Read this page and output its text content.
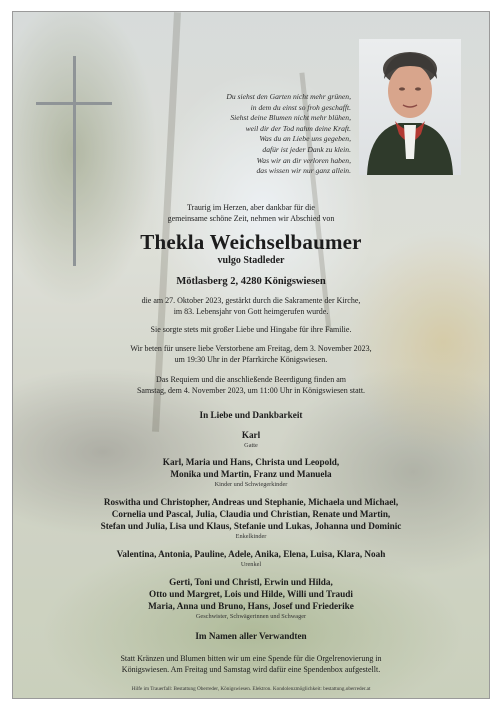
Du siehst den Garten nicht mehr grünen,
in dem du einst so froh geschafft.
Siehst deine Blumen nicht mehr blühen,
weil dir der Tod nahm deine Kraft.
Was du an Liebe uns gegeben,
dafür ist jeder Dank zu klein.
Was wir an dir verloren haben,
das wissen wir nur ganz allein.
Traurig im Herzen, aber dankbar für die
gemeinsame schöne Zeit, nehmen wir Abschied von
Thekla Weichselbaumer
vulgo Stadleder
Mötlasberg 2, 4280 Königswiesen
die am 27. Oktober 2023, gestärkt durch die Sakramente der Kirche,
im 83. Lebensjahr von Gott heimgerufen wurde.
Sie sorgte stets mit großer Liebe und Hingabe für ihre Familie.
Wir beten für unsere liebe Verstorbene am Freitag, dem 3. November 2023,
um 19:30 Uhr in der Pfarrkirche Königswiesen.
Das Requiem und die anschließende Beerdigung finden am
Samstag, dem 4. November 2023, um 11:00 Uhr in Königswiesen statt.
In Liebe und Dankbarkeit
Karl
Gatte
Karl, Maria und Hans, Christa und Leopold,
Monika und Martin, Franz und Manuela
Kinder und Schwiegerkinder
Roswitha und Christopher, Andreas und Stephanie, Michaela und Michael,
Cornelia und Pascal, Julia, Claudia und Christian, Renate und Martin,
Stefan und Julia, Lisa und Klaus, Stefanie und Lukas, Johanna und Dominic
Enkelkinder
Valentina, Antonia, Pauline, Adele, Anika, Elena, Luisa, Klara, Noah
Urenkel
Gerti, Toni und Christl, Erwin und Hilda,
Otto und Margret, Lois und Hilde, Willi und Traudi
Maria, Anna und Bruno, Hans, Josef und Friederike
Geschwister, Schwägerinnen und Schwager
Im Namen aller Verwandten
Statt Kränzen und Blumen bitten wir um eine Spende für die Orgelrenovierung in
Königswiesen. Am Freitag und Samstag wird dafür eine Spendenbox aufgestellt.
Hilfe im Trauerfall: Bestattung Oberreder, Königswiesen. Elektron. Kondolenzmöglichkeit: bestattung.oberreder.at
